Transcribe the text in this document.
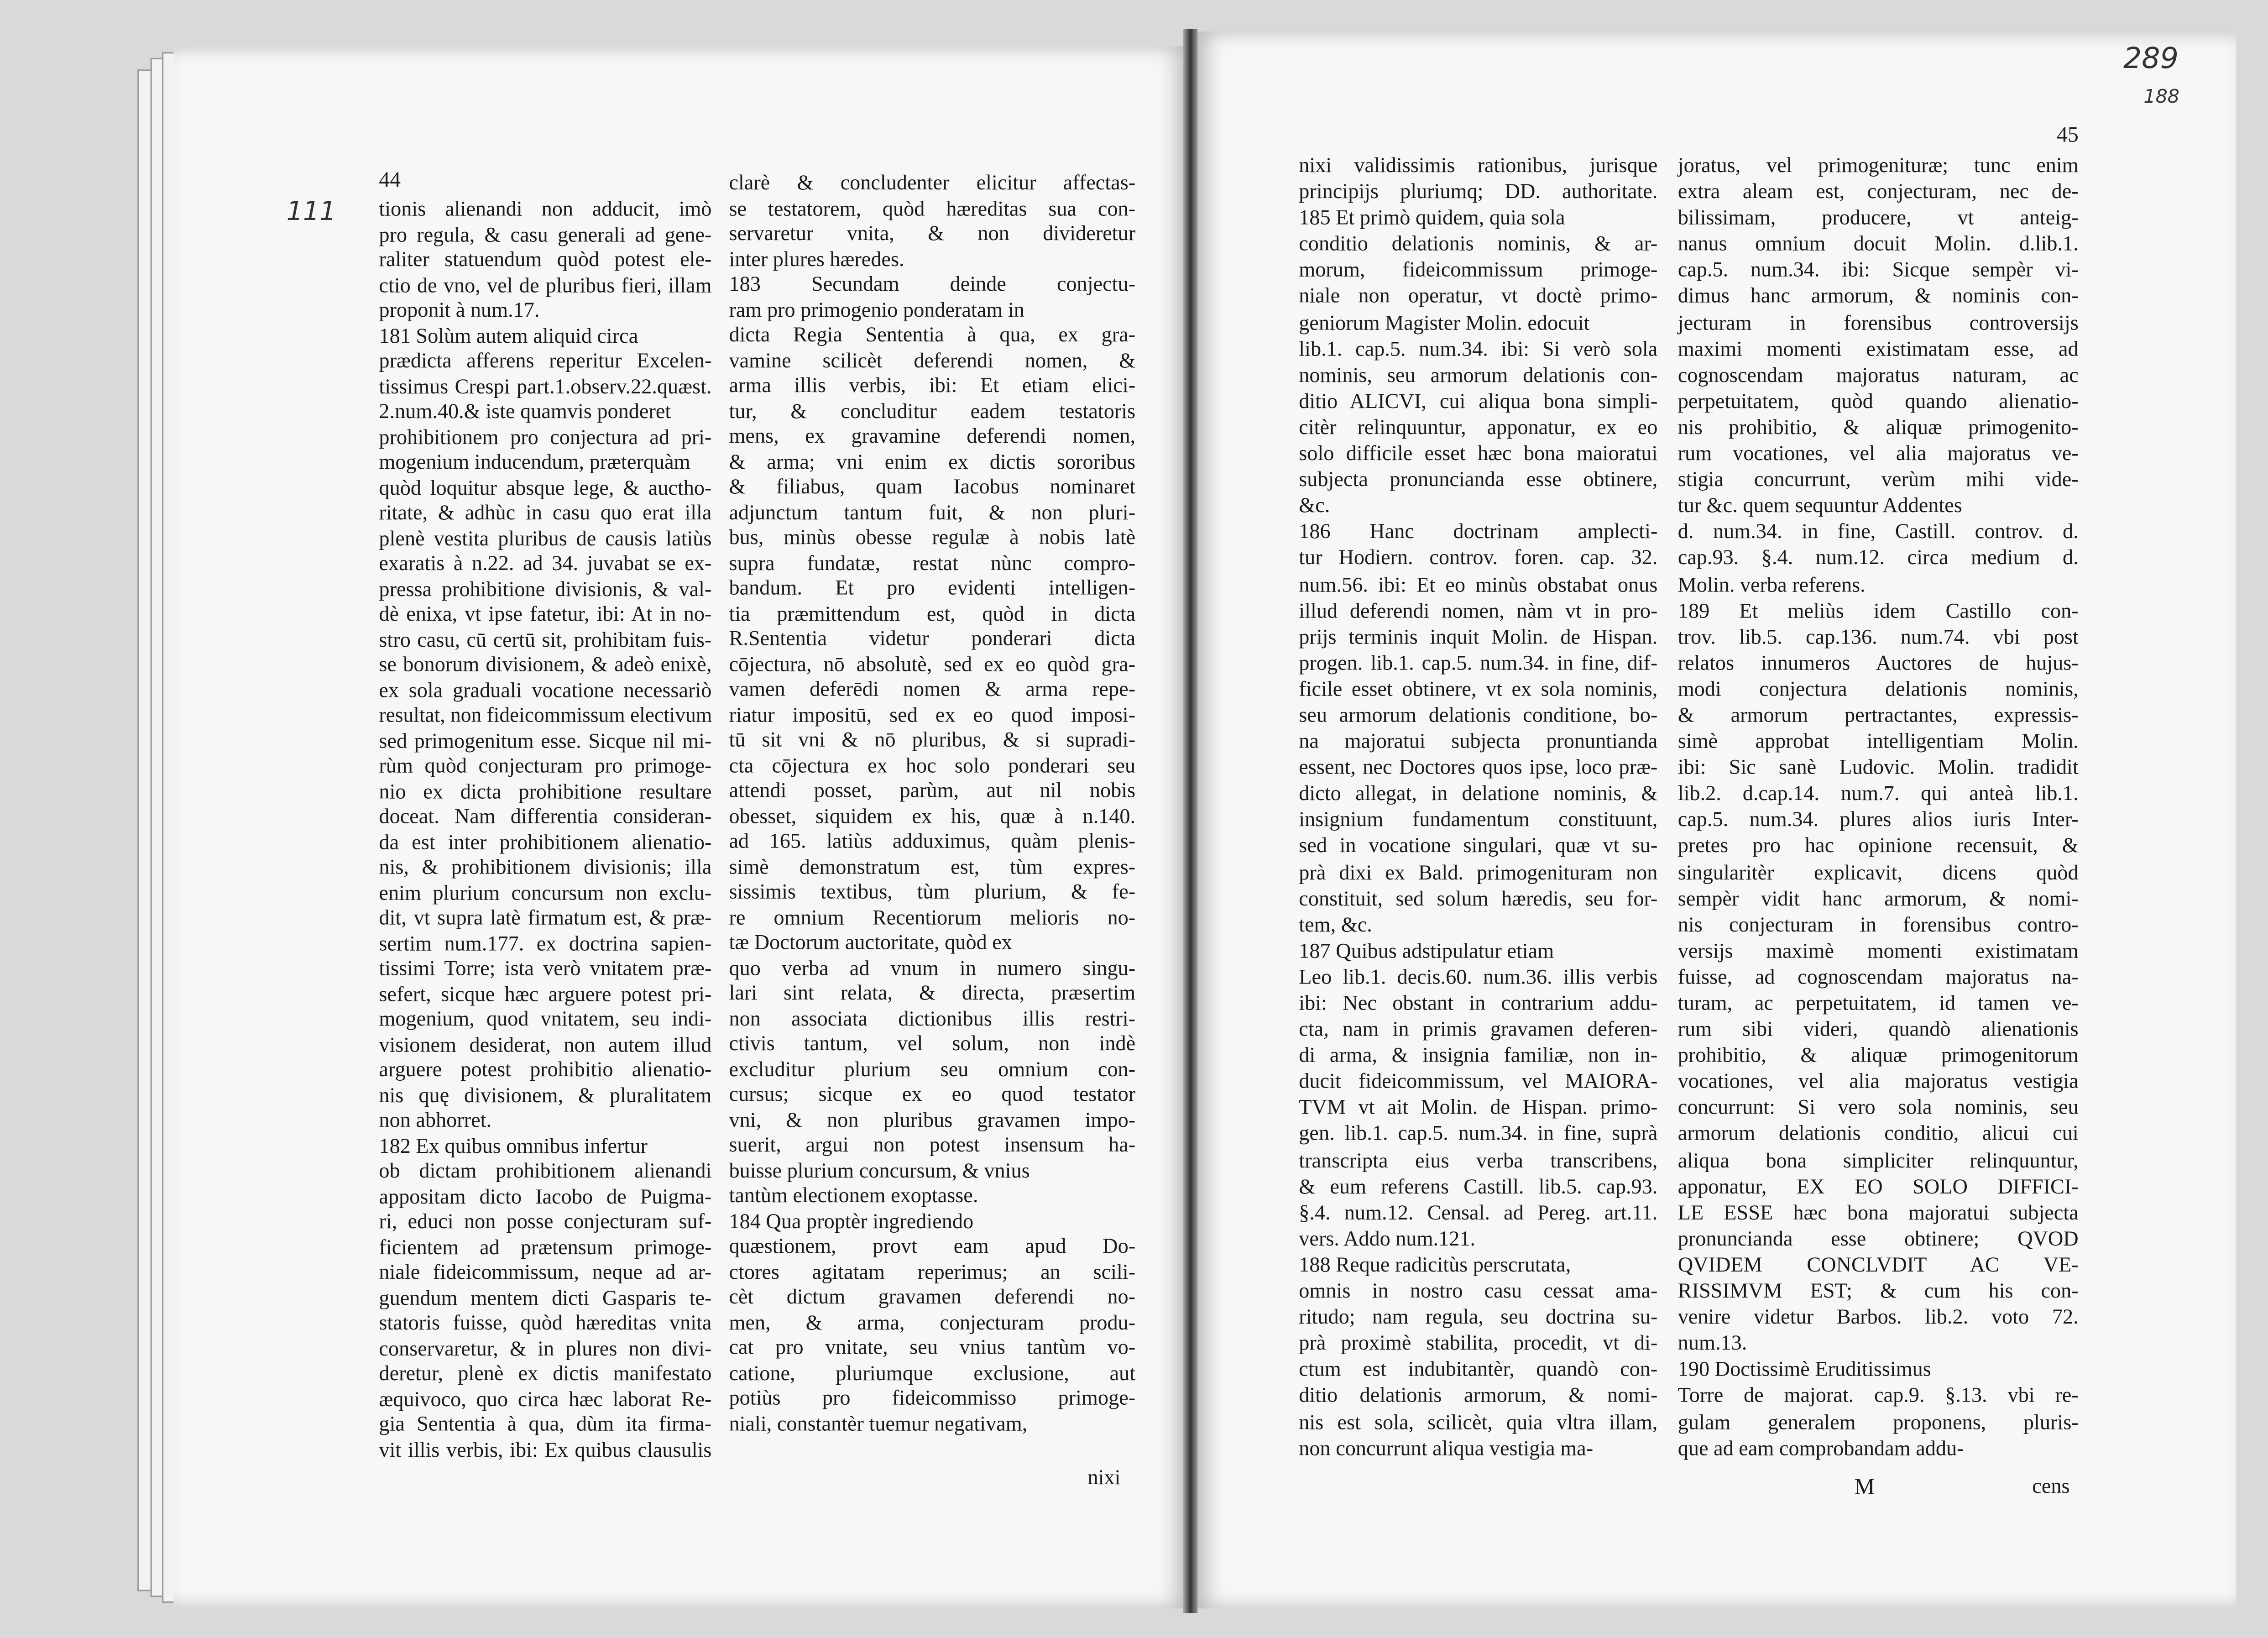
44
111	tionis alienandi non adducit, imò
pro regula, & casu generali ad gene-
raliter statuendum quòd potest ele-
ctio de vno, vel de pluribus fieri, illam
proponit à num.17.
181 Solùm autem aliquid circa
prædicta afferens reperitur Excelen-
tissimus Crespi part.1.observ.22.quæst.
2.num.40.& iste quamvis ponderet
prohibitionem pro conjectura ad pri-
mogenium inducendum, præterquàm
quòd loquitur absque lege, & auctho-
ritate, & adhùc in casu quo erat illa
plenè vestita pluribus de causis latiùs
exaratis à n.22. ad 34. juvabat se ex-
pressa prohibitione divisionis, & val-
dè enixa, vt ipse fatetur, ibi: At in no-
stro casu, cū certū sit, prohibitam fuis-
se bonorum divisionem, & adeò enixè,
ex sola graduali vocatione necessariò
resultat, non fideicommissum electivum
sed primogenitum esse. Sicque nil mi-
rùm quòd conjecturam pro primoge-
nio ex dicta prohibitione resultare
doceat. Nam differentia consideran-
da est inter prohibitionem alienatio-
nis, & prohibitionem divisionis; illa
enim plurium concursum non exclu-
dit, vt supra latè firmatum est, & præ-
sertim num.177. ex doctrina sapien-
tissimi Torre; ista verò vnitatem præ-
sefert, sicque hæc arguere potest pri-
mogenium, quod vnitatem, seu indi-
visionem desiderat, non autem illud
arguere potest prohibitio alienatio-
nis quę divisionem, & pluralitatem
non abhorret.
182 Ex quibus omnibus infertur
ob dictam prohibitionem alienandi
appositam dicto Iacobo de Puigma-
ri, educi non posse conjecturam suf-
ficientem ad prætensum primoge-
niale fideicommissum, neque ad ar-
guendum mentem dicti Gasparis te-
statoris fuisse, quòd hæreditas vnita
conservaretur, & in plures non divi-
deretur, plenè ex dictis manifestato
æquivoco, quo circa hæc laborat Re-
gia Sententia à qua, dùm ita firma-
vit illis verbis, ibi: Ex quibus clausulis
clarè & concludenter elicitur affectas-
se testatorem, quòd hæreditas sua con-
servaretur vnita, & non divideretur
inter plures hæredes.
183 Secundam deinde conjectu-
ram pro primogenio ponderatam in
dicta Regia Sententia à qua, ex gra-
vamine scilicèt deferendi nomen, &
arma illis verbis, ibi: Et etiam elici-
tur, & concluditur eadem testatoris
mens, ex gravamine deferendi nomen,
& arma; vni enim ex dictis sororibus
& filiabus, quam Iacobus nominaret
adjunctum tantum fuit, & non pluri-
bus, minùs obesse regulæ à nobis latè
supra fundatæ, restat nùnc compro-
bandum. Et pro evidenti intelligen-
tia præmittendum est, quòd in dicta
R.Sententia videtur ponderari dicta
cōjectura, nō absolutè, sed ex eo quòd gra-
vamen deferēdi nomen & arma repe-
riatur impositū, sed ex eo quod imposi-
tū sit vni & nō pluribus, & si supradi-
cta cōjectura ex hoc solo ponderari seu
attendi posset, parùm, aut nil nobis
obesset, siquidem ex his, quæ à n.140.
ad 165. latiùs adduximus, quàm plenis-
simè demonstratum est, tùm expres-
sissimis textibus, tùm plurium, & fe-
re omnium Recentiorum melioris no-
tæ Doctorum auctoritate, quòd ex
quo verba ad vnum in numero singu-
lari sint relata, & directa, præsertim
non associata dictionibus illis restri-
ctivis tantum, vel solum, non indè
excluditur plurium seu omnium con-
cursus; sicque ex eo quod testator
vni, & non pluribus gravamen impo-
suerit, argui non potest insensum ha-
buisse plurium concursum, & vnius
tantùm electionem exoptasse.
184 Qua proptèr ingrediendo
quæstionem, provt eam apud Do-
ctores agitatam reperimus; an scili-
cèt dictum gravamen deferendi no-
men, & arma, conjecturam produ-
cat pro vnitate, seu vnius tantùm vo-
catione, pluriumque exclusione, aut
potiùs pro fideicommisso primoge-
niali, constantèr tuemur negativam,
nixi
45
289
188
nixi validissimis rationibus, jurisque
principijs pluriumq; DD. authoritate.
185 Et primò quidem, quia sola
conditio delationis nominis, & ar-
morum, fideicommissum primoge-
niale non operatur, vt doctè primo-
geniorum Magister Molin. edocuit
lib.1. cap.5. num.34. ibi: Si verò sola
nominis, seu armorum delationis con-
ditio ALICVI, cui aliqua bona simpli-
citèr relinquuntur, apponatur, ex eo
solo difficile esset hæc bona maioratui
subjecta pronuncianda esse obtinere,
&c.
186 Hanc doctrinam amplecti-
tur Hodiern. controv. foren. cap. 32.
num.56. ibi: Et eo minùs obstabat onus
illud deferendi nomen, nàm vt in pro-
prijs terminis inquit Molin. de Hispan.
progen. lib.1. cap.5. num.34. in fine, dif-
ficile esset obtinere, vt ex sola nominis,
seu armorum delationis conditione, bo-
na majoratui subjecta pronuntianda
essent, nec Doctores quos ipse, loco præ-
dicto allegat, in delatione nominis, &
insignium fundamentum constituunt,
sed in vocatione singulari, quæ vt su-
prà dixi ex Bald. primogenituram non
constituit, sed solum hæredis, seu for-
tem, &c.
187 Quibus adstipulatur etiam
Leo lib.1. decis.60. num.36. illis verbis
ibi: Nec obstant in contrarium addu-
cta, nam in primis gravamen deferen-
di arma, & insignia familiæ, non in-
ducit fideicommissum, vel MAIORA-
TVM vt ait Molin. de Hispan. primo-
gen. lib.1. cap.5. num.34. in fine, suprà
transcripta eius verba transcribens,
& eum referens Castill. lib.5. cap.93.
§.4. num.12. Censal. ad Pereg. art.11.
vers. Addo num.121.
188 Reque radicitùs perscrutata,
omnis in nostro casu cessat ama-
ritudo; nam regula, seu doctrina su-
prà proximè stabilita, procedit, vt di-
ctum est indubitantèr, quandò con-
ditio delationis armorum, & nomi-
nis est sola, scilicèt, quia vltra illam,
non concurrunt aliqua vestigia ma-
joratus, vel primogenituræ; tunc enim
extra aleam est, conjecturam, nec de-
bilissimam, producere, vt anteig-
nanus omnium docuit Molin. d.lib.1.
cap.5. num.34. ibi: Sicque sempèr vi-
dimus hanc armorum, & nominis con-
jecturam in forensibus controversijs
maximi momenti existimatam esse, ad
cognoscendam majoratus naturam, ac
perpetuitatem, quòd quando alienatio-
nis prohibitio, & aliquæ primogenito-
rum vocationes, vel alia majoratus ve-
stigia concurrunt, verùm mihi vide-
tur &c. quem sequuntur Addentes
d. num.34. in fine, Castill. controv. d.
cap.93. §.4. num.12. circa medium d.
Molin. verba referens.
189 Et meliùs idem Castillo con-
trov. lib.5. cap.136. num.74. vbi post
relatos innumeros Auctores de hujus-
modi conjectura delationis nominis,
& armorum pertractantes, expressis-
simè approbat intelligentiam Molin.
ibi: Sic sanè Ludovic. Molin. tradidit
lib.2. d.cap.14. num.7. qui anteà lib.1.
cap.5. num.34. plures alios iuris Inter-
pretes pro hac opinione recensuit, &
singularitèr explicavit, dicens quòd
sempèr vidit hanc armorum, & nomi-
nis conjecturam in forensibus contro-
versijs maximè momenti existimatam
fuisse, ad cognoscendam majoratus na-
turam, ac perpetuitatem, id tamen ve-
rum sibi videri, quandò alienationis
prohibitio, & aliquæ primogenitorum
vocationes, vel alia majoratus vestigia
concurrunt: Si vero sola nominis, seu
armorum delationis conditio, alicui cui
aliqua bona simpliciter relinquuntur,
apponatur, EX EO SOLO DIFFICI-
LE ESSE hæc bona majoratui subjecta
pronuncianda esse obtinere; QVOD
QVIDEM CONCLVDIT AC VE-
RISSIMVM EST; & cum his con-
venire videtur Barbos. lib.2. voto 72.
num.13.
190 Doctissimè Eruditissimus
Torre de majorat. cap.9. §.13. vbi re-
gulam generalem proponens, pluris-
que ad eam comprobandam addu-
M	cens
